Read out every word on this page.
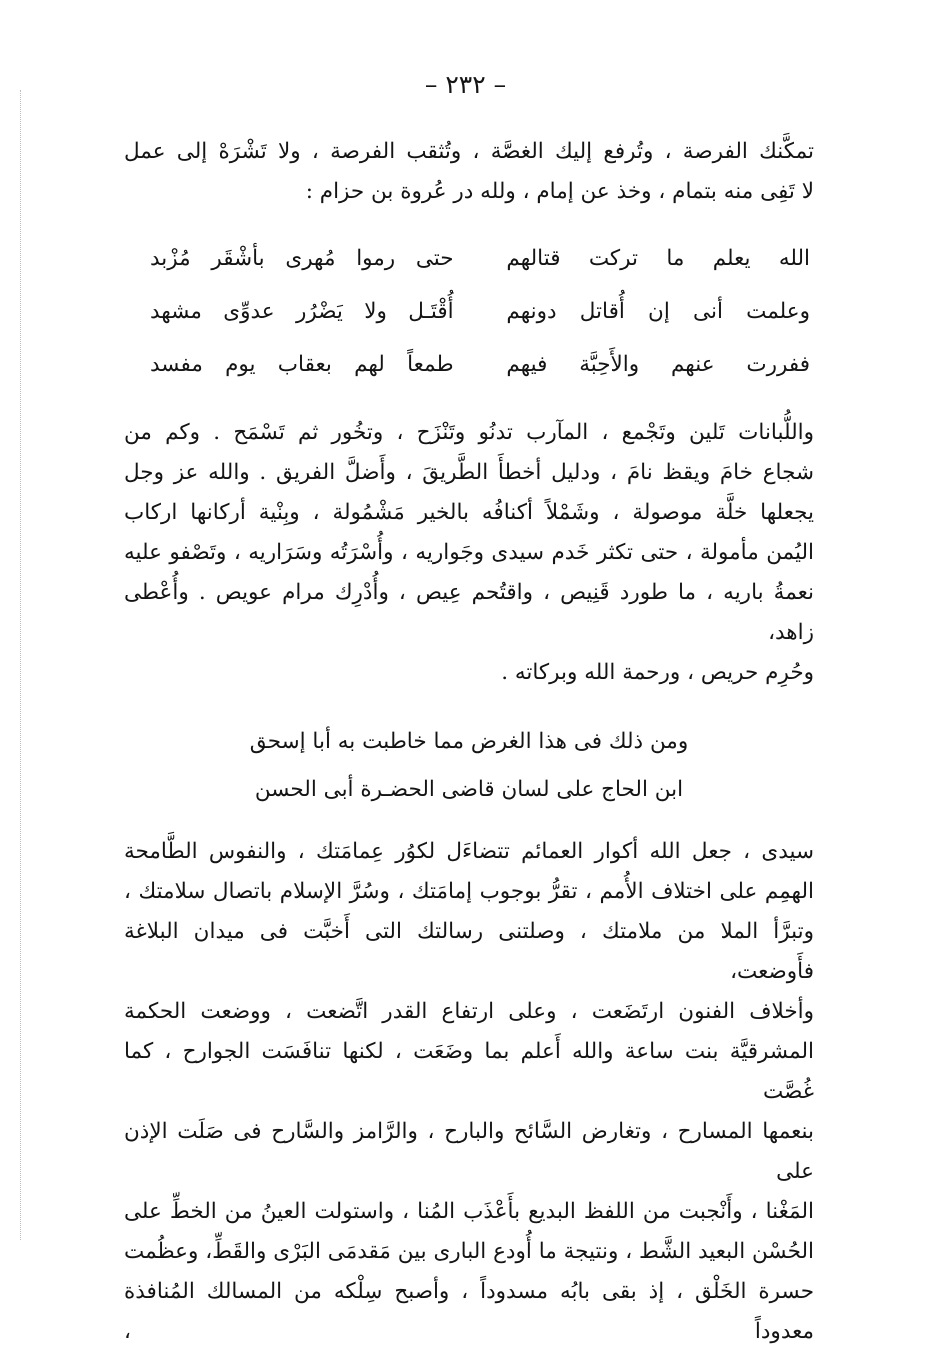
– ٢٣٢ –

تمكَّنك الفرصة ، وتُرفع إليك الغصَّة ، وتُثقب الفرصة ، ولا تَشْرَهْ إلى عمل

لا تَفِى منه بتمام ، وخذ عن إمام ، ولله در عُروة بن حزام :

الله يعلم ما تركت قتالهم
حتى رموا مُهرى بأشْقَر مُزْبد
وعلمت أنى إن أُقاتل دونهم
أُقْتَـل ولا يَضْرُر عدوِّى مشهد
ففررت عنهم والأَحِبَّة فيهم
طمعاً لهم بعقاب يوم مفسد

واللُّبانات تَلين وتَجْمع ، المآرب تدنُو وتَنْزَح ، وتخُور ثم تَسْمَح . وكم من

شجاع خامَ ويقظ نامَ ، ودليل أخطأَ الطَّريقَ ، وأَضلَّ الفريق . والله عز وجل

يجعلها خلَّة موصولة ، وشَمْلاً أكنافُه بالخير مَشْمُولة ، وبِنْية أركانها اركاب

اليُمن مأمولة ، حتى تكثر خَدم سيدى وجَواريه ، وأُسْرَتُه وسَرَاريه ، وتَصْفو عليه

نعمةُ باريه ، ما طورد قَنِيص ، واقتُحم عِيص ، وأُدْرِك مرام عويص . وأُعْطى زاهد،

وحُرِم حريص ، ورحمة الله وبركاته .

ومن ذلك فى هذا الغرض مما خاطبت به أبا إسحق
ابن الحاج على لسان قاضى الحضـرة أبى الحسن

سيدى ، جعل الله أكوار العمائم تتضاءَل لكوُر عِمامَتك ، والنفوس الطَّامحة

الهمِم على اختلاف الأُمم ، تقرُّ بوجوب إمامَتك ، وسُرَّ الإسلام باتصال سلامتك ،

وتبرَّأ الملا من ملامتك ، وصلتنى رسالتك التى أَخبَّت فى ميدان البلاغة فأَوضعت،

وأخلاف الفنون ارتَضَعت ، وعلى ارتفاع القدر اتَّضعت ، ووضعت الحكمة

المشرقيَّة بنت ساعة والله أَعلم بما وضَعَت ، لكنها تنافَسَت الجوارح ، كما غُصَّت

بنعمها المسارح ، وتغارض السَّائح والبارح ، والرَّامز والسَّارح فى صَلَت الإذن على

المَغْنا ، وأَنْجبت من اللفظ البديع بأَعْذَب المُنا ، واستولت العينُ من الخطِّ على

الحُسْن البعيد الشَّط ، ونتيجة ما أُودع البارى بين مَقدمَى البَرْى والقَطِّ، وعظُمت

حسرة الخَلْق ، إذ بقى بابُه مسدوداً ، وأصبح سِلْكه من المسالك المُنافذة معدوداً ،
